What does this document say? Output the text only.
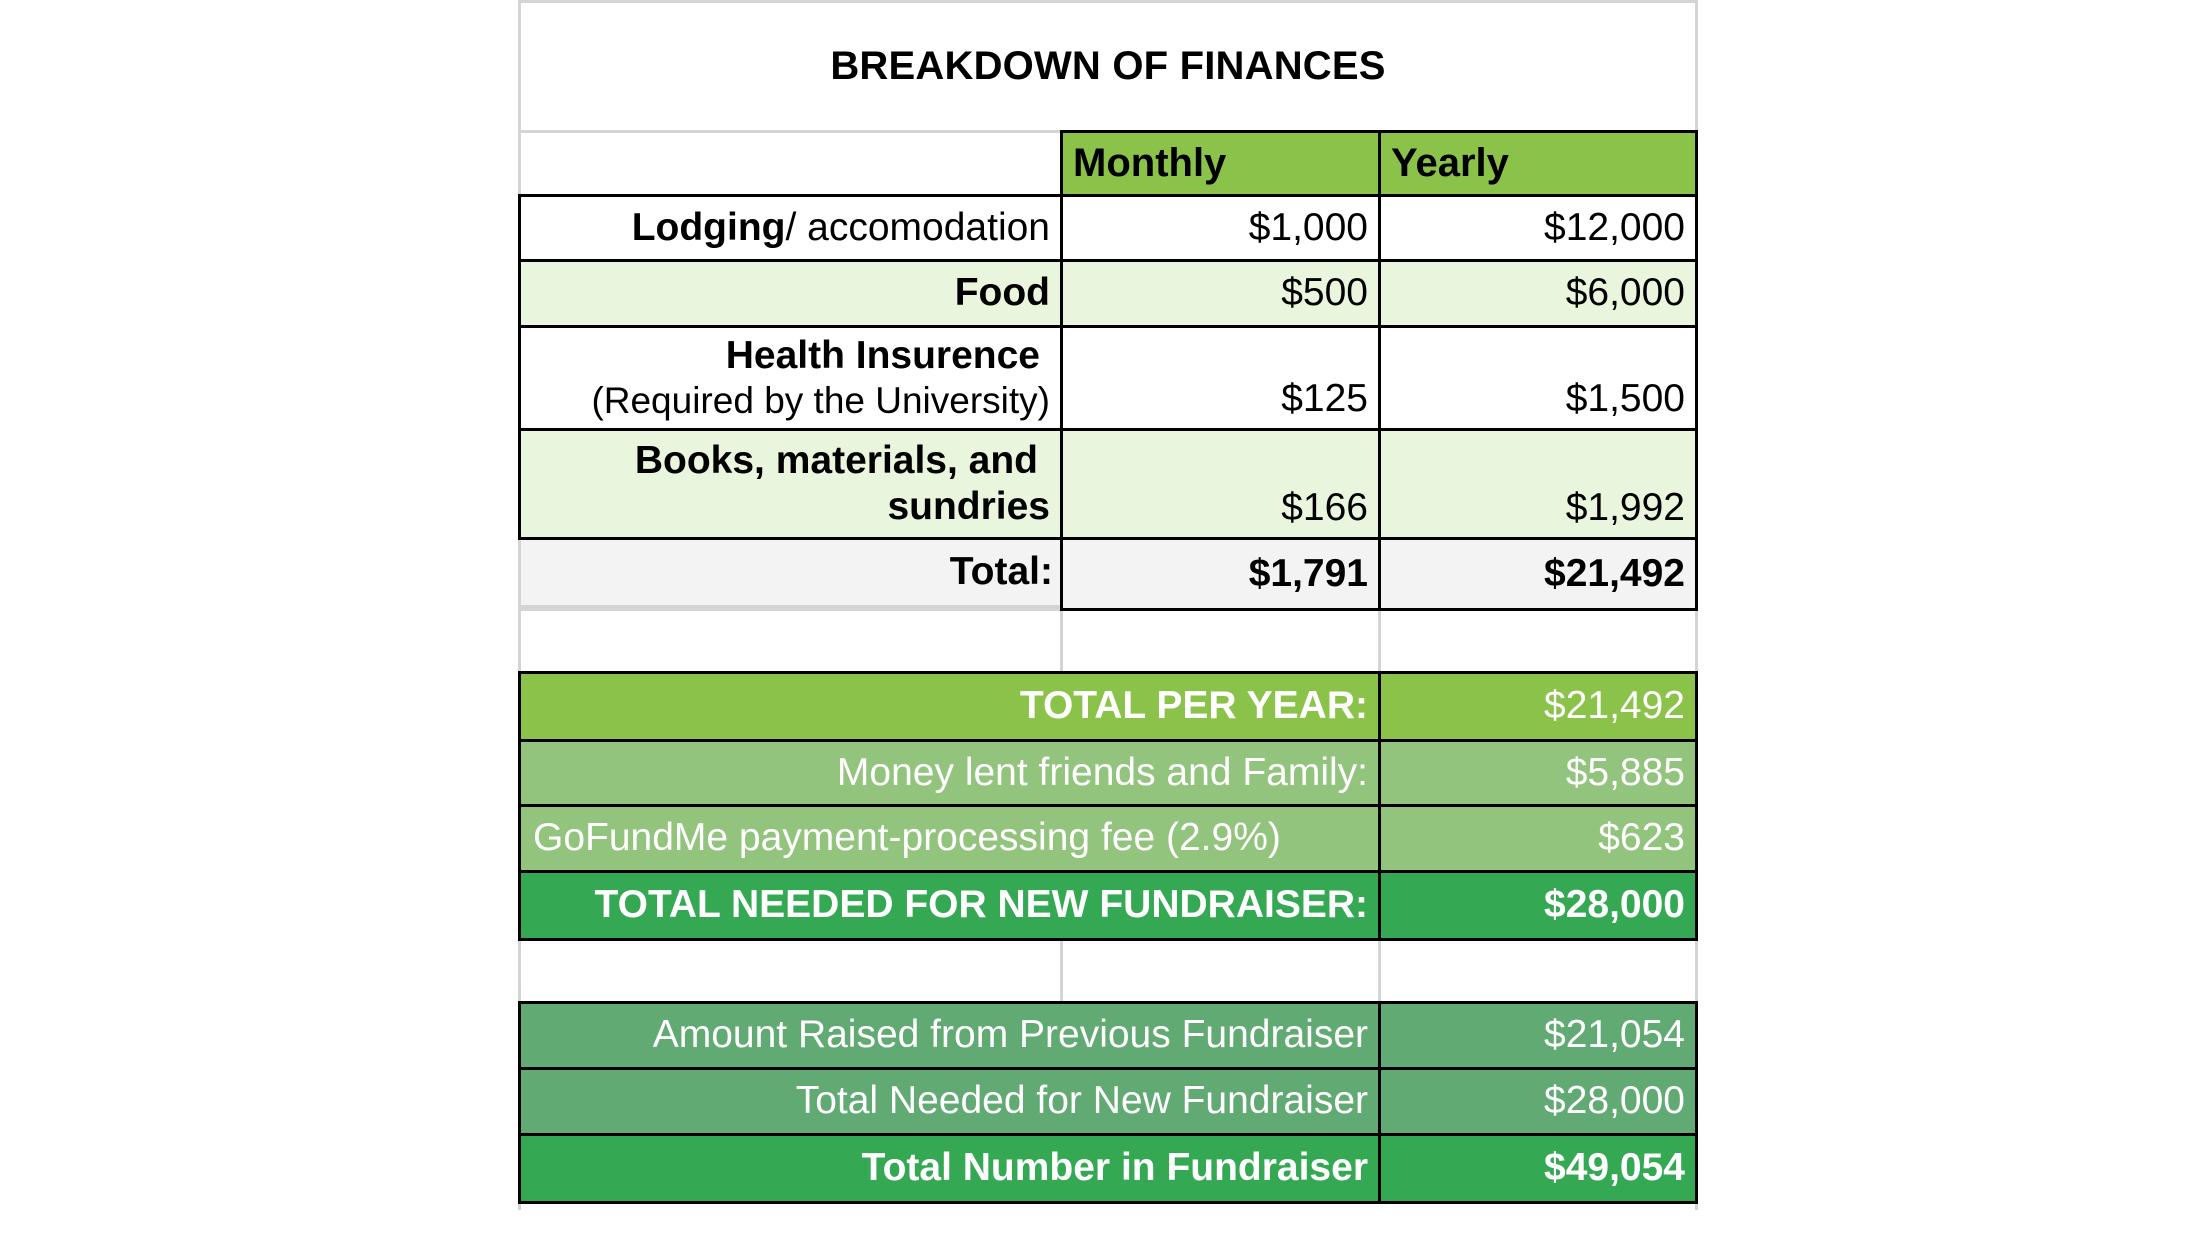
BREAKDOWN OF FINANCES
Monthly	Yearly
Lodging / accomodation	$1,000	$12,000
Food	$500	$6,000
Health Insurence
(Required by the University)	$125	$1,500
Books, materials, and
sundries	$166	$1,992
Total:	$1,791	$21,492
TOTAL PER YEAR:	$21,492
Money lent friends and Family:	$5,885
GoFundMe payment-processing fee (2.9%)	$623
TOTAL NEEDED FOR NEW FUNDRAISER:	$28,000
Amount Raised from Previous Fundraiser	$21,054
Total Needed for New Fundraiser	$28,000
Total Number in Fundraiser	$49,054
